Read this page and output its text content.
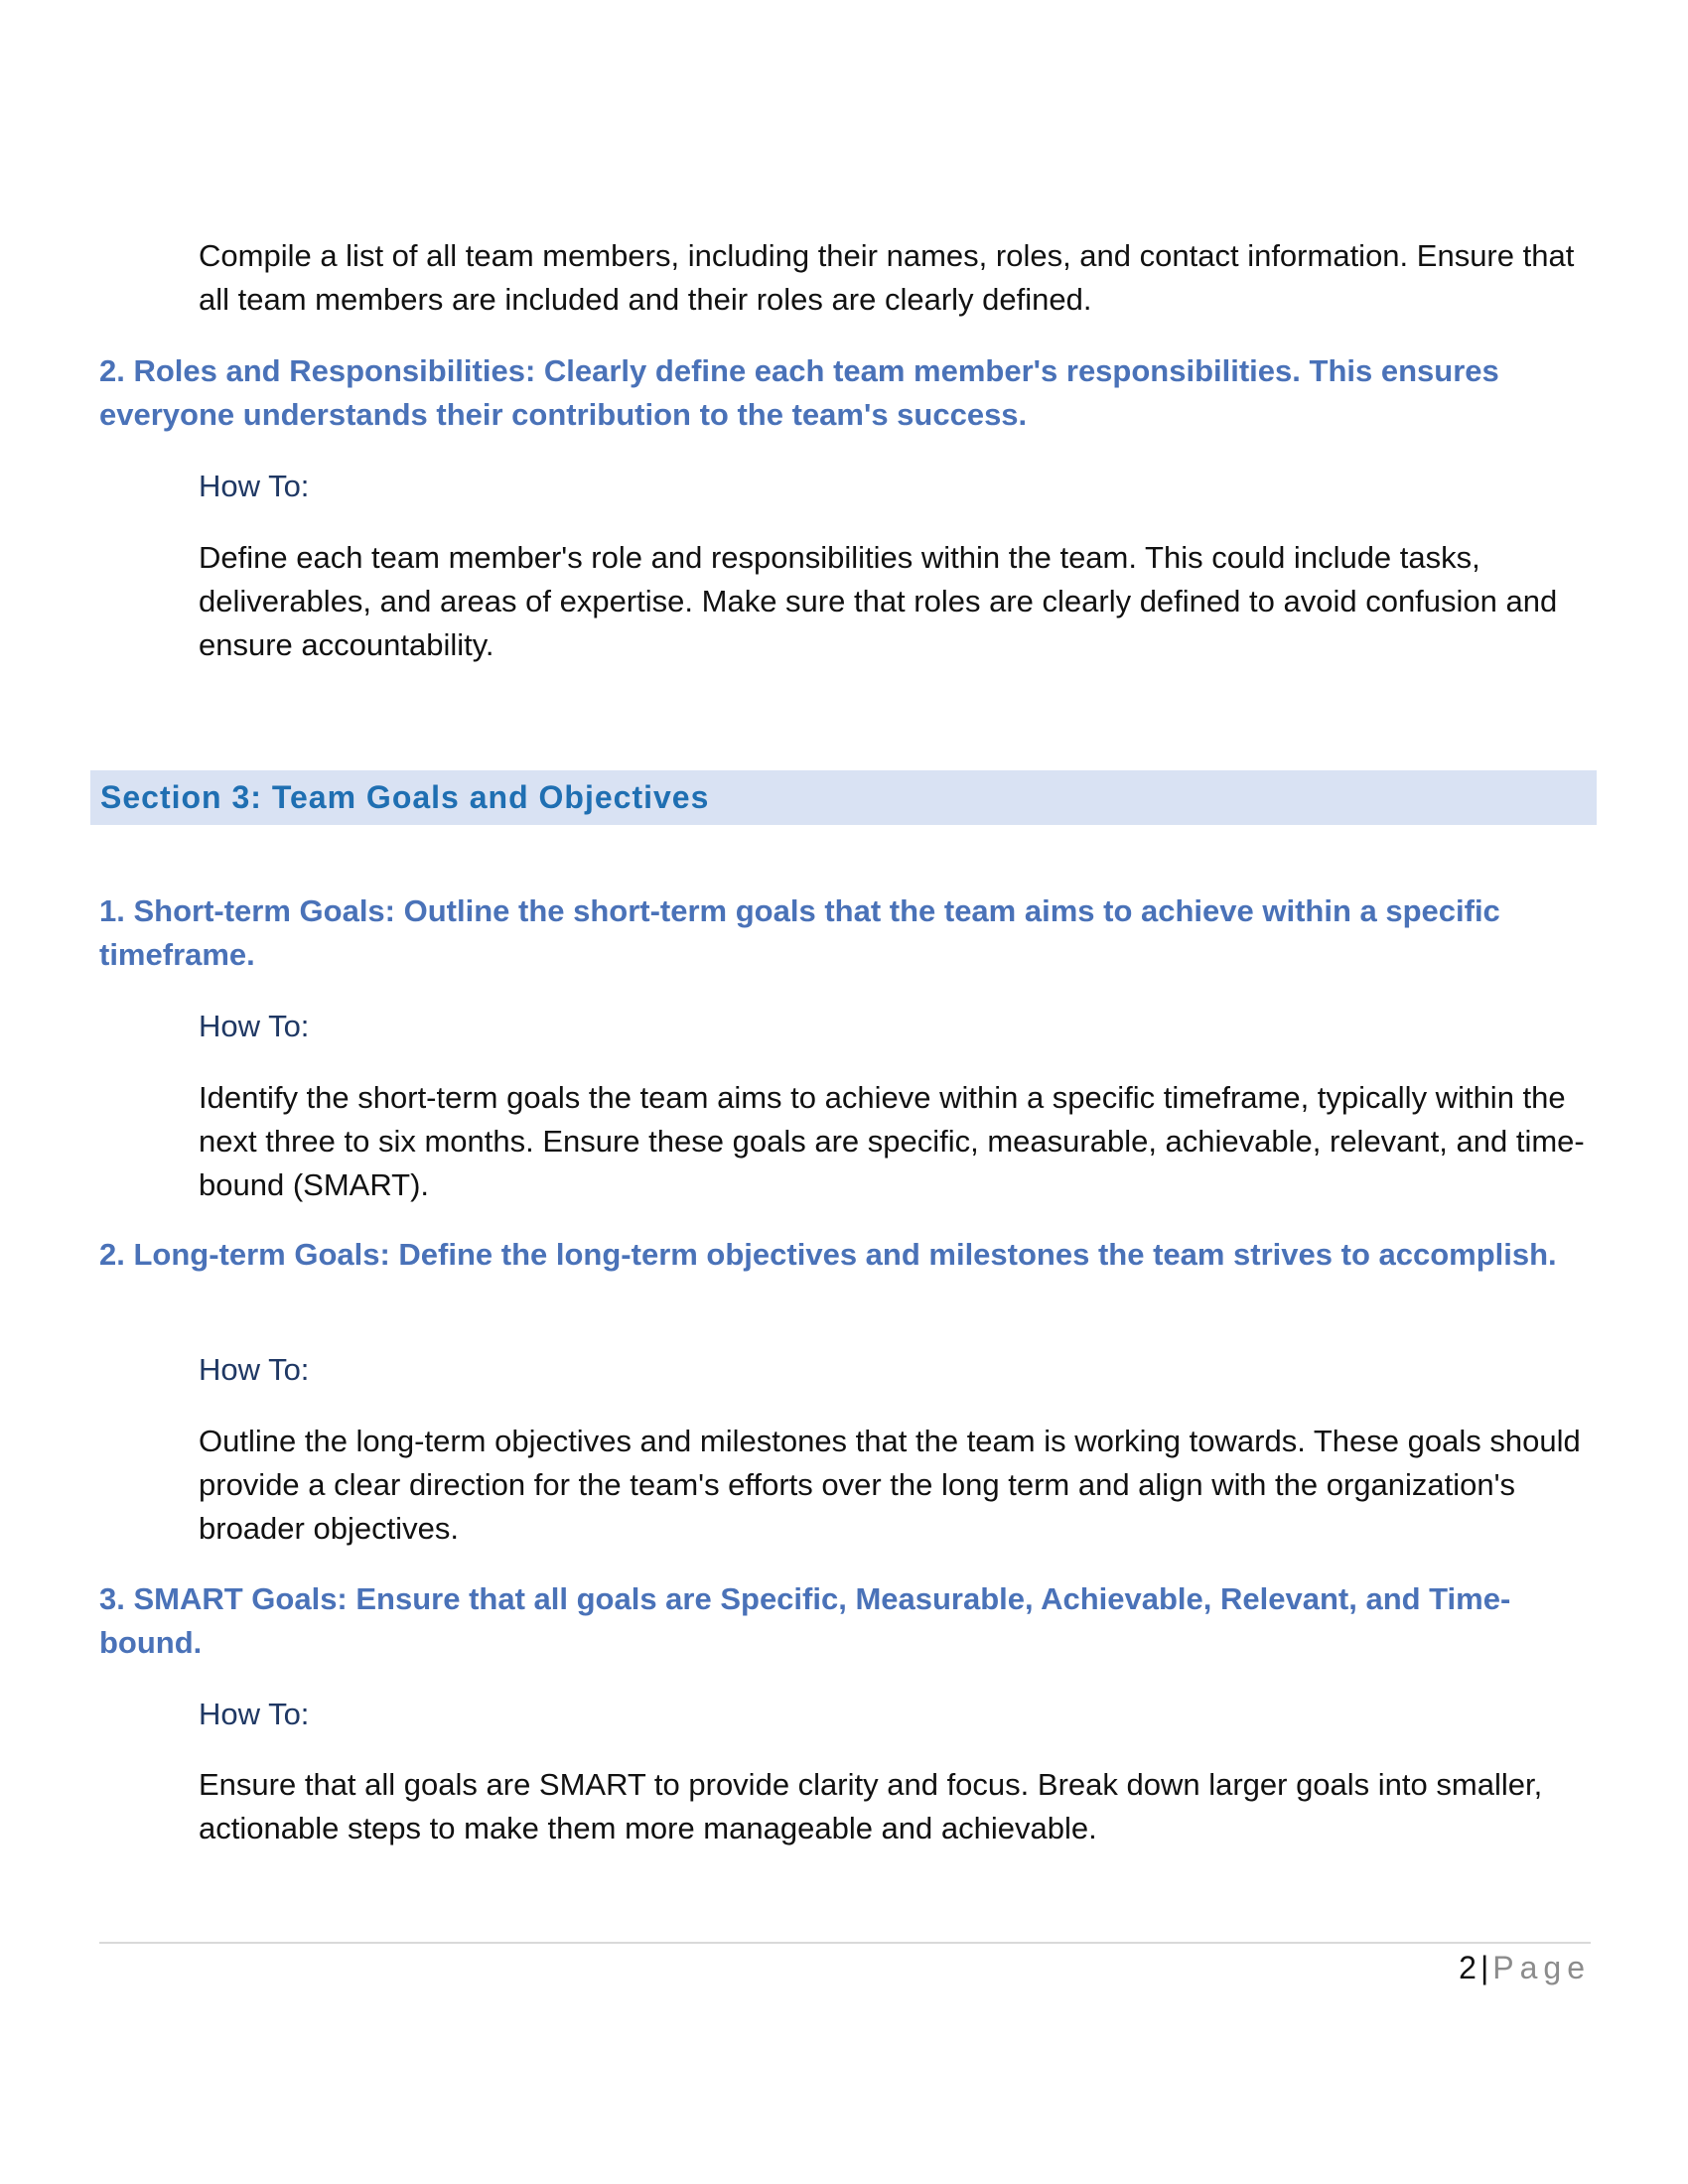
Compile a list of all team members, including their names, roles, and contact information. Ensure that all team members are included and their roles are clearly defined.

2. Roles and Responsibilities: Clearly define each team member's responsibilities. This ensures everyone understands their contribution to the team's success.

How To:

Define each team member's role and responsibilities within the team. This could include tasks, deliverables, and areas of expertise. Make sure that roles are clearly defined to avoid confusion and ensure accountability.

Section 3: Team Goals and Objectives

1. Short-term Goals: Outline the short-term goals that the team aims to achieve within a specific timeframe.

How To:

Identify the short-term goals the team aims to achieve within a specific timeframe, typically within the next three to six months. Ensure these goals are specific, measurable, achievable, relevant, and time-bound (SMART).

2. Long-term Goals: Define the long-term objectives and milestones the team strives to accomplish.

How To:

Outline the long-term objectives and milestones that the team is working towards. These goals should provide a clear direction for the team's efforts over the long term and align with the organization's broader objectives.

3. SMART Goals: Ensure that all goals are Specific, Measurable, Achievable, Relevant, and Time-bound.

How To:

Ensure that all goals are SMART to provide clarity and focus. Break down larger goals into smaller, actionable steps to make them more manageable and achievable.

2 | Page
